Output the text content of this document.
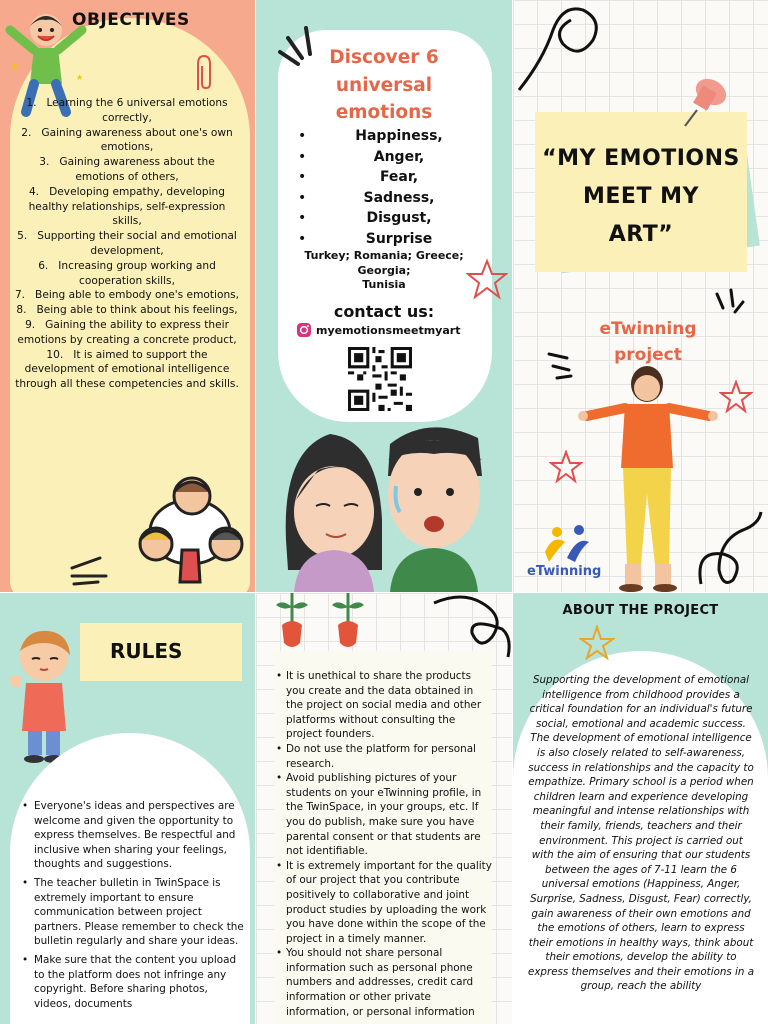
★
★
OBJECTIVES
1. Learning the 6 universal emotions correctly,
2. Gaining awareness about one's own emotions,
3. Gaining awareness about the emotions of others,
4. Developing empathy, developing healthy relationships, self-expression skills,
5. Supporting their social and emotional development,
6. Increasing group working and cooperation skills,
7. Being able to embody one's emotions,
8. Being able to think about his feelings,
9. Gaining the ability to express their emotions by creating a concrete product,
10. It is aimed to support the development of emotional intelligence through all these competencies and skills.
Discover 6
universal
emotions
• Happiness,
• Anger,
• Fear,
• Sadness,
• Disgust,
• Surprise
Turkey; Romania; Greece;
Georgia;
Tunisia
contact us:
myemotionsmeetmyart
“MY EMOTIONS
MEET MY
ART”
eTwinning
project
eTwinning
RULES
• Everyone's ideas and perspectives are welcome and given the opportunity to express themselves. Be respectful and inclusive when sharing your feelings, thoughts and suggestions.
• The teacher bulletin in TwinSpace is extremely important to ensure communication between project partners. Please remember to check the bulletin regularly and share your ideas.
• Make sure that the content you upload to the platform does not infringe any copyright. Before sharing photos, videos, documents
• It is unethical to share the products you create and the data obtained in the project on social media and other platforms without consulting the project founders.
• Do not use the platform for personal research.
• Avoid publishing pictures of your students on your eTwinning profile, in the TwinSpace, in your groups, etc. If you do publish, make sure you have parental consent or that students are not identifiable.
• It is extremely important for the quality of our project that you contribute positively to collaborative and joint product studies by uploading the work you have done within the scope of the project in a timely manner.
• You should not share personal information such as personal phone numbers and addresses, credit card information or other private information, or personal information
ABOUT THE PROJECT
Supporting the development of emotional intelligence from childhood provides a critical foundation for an individual's future social, emotional and academic success. The development of emotional intelligence is also closely related to self-awareness, success in relationships and the capacity to empathize. Primary school is a period when children learn and experience developing meaningful and intense relationships with their family, friends, teachers and their environment. This project is carried out with the aim of ensuring that our students between the ages of 7-11 learn the 6 universal emotions (Happiness, Anger, Surprise, Sadness, Disgust, Fear) correctly, gain awareness of their own emotions and the emotions of others, learn to express their emotions in healthy ways, think about their emotions, develop the ability to express themselves and their emotions in a group, reach the ability
